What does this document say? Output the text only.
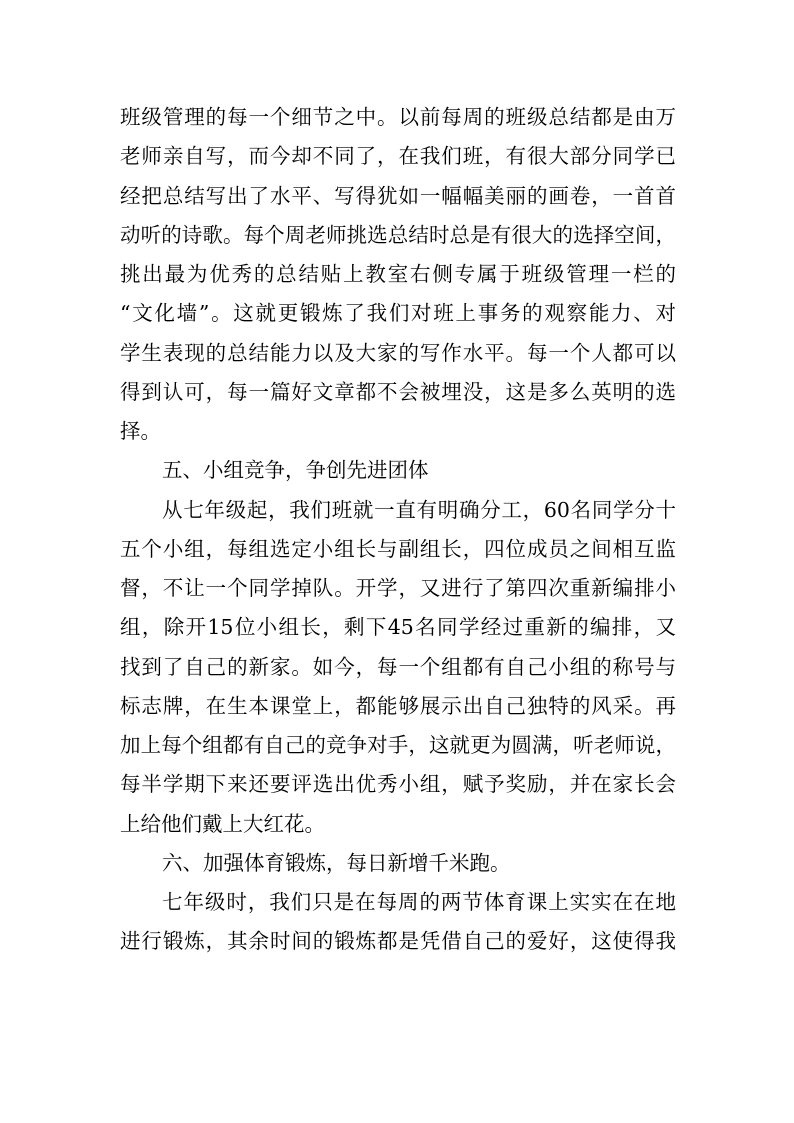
班级管理的每一个细节之中。以前每周的班级总结都是由万
老师亲自写，而今却不同了，在我们班，有很大部分同学已
经把总结写出了水平、写得犹如一幅幅美丽的画卷，一首首
动听的诗歌。每个周老师挑选总结时总是有很大的选择空间，
挑出最为优秀的总结贴上教室右侧专属于班级管理一栏的
“文化墙”。这就更锻炼了我们对班上事务的观察能力、对
学生表现的总结能力以及大家的写作水平。每一个人都可以
得到认可，每一篇好文章都不会被埋没，这是多么英明的选
择。
五、小组竞争，争创先进团体
从七年级起，我们班就一直有明确分工，60名同学分十
五个小组，每组选定小组长与副组长，四位成员之间相互监
督，不让一个同学掉队。开学，又进行了第四次重新编排小
组，除开15位小组长，剩下45名同学经过重新的编排，又
找到了自己的新家。如今，每一个组都有自己小组的称号与
标志牌，在生本课堂上，都能够展示出自己独特的风采。再
加上每个组都有自己的竞争对手，这就更为圆满，听老师说，
每半学期下来还要评选出优秀小组，赋予奖励，并在家长会
上给他们戴上大红花。
六、加强体育锻炼，每日新增千米跑。
七年级时，我们只是在每周的两节体育课上实实在在地
进行锻炼，其余时间的锻炼都是凭借自己的爱好，这使得我
